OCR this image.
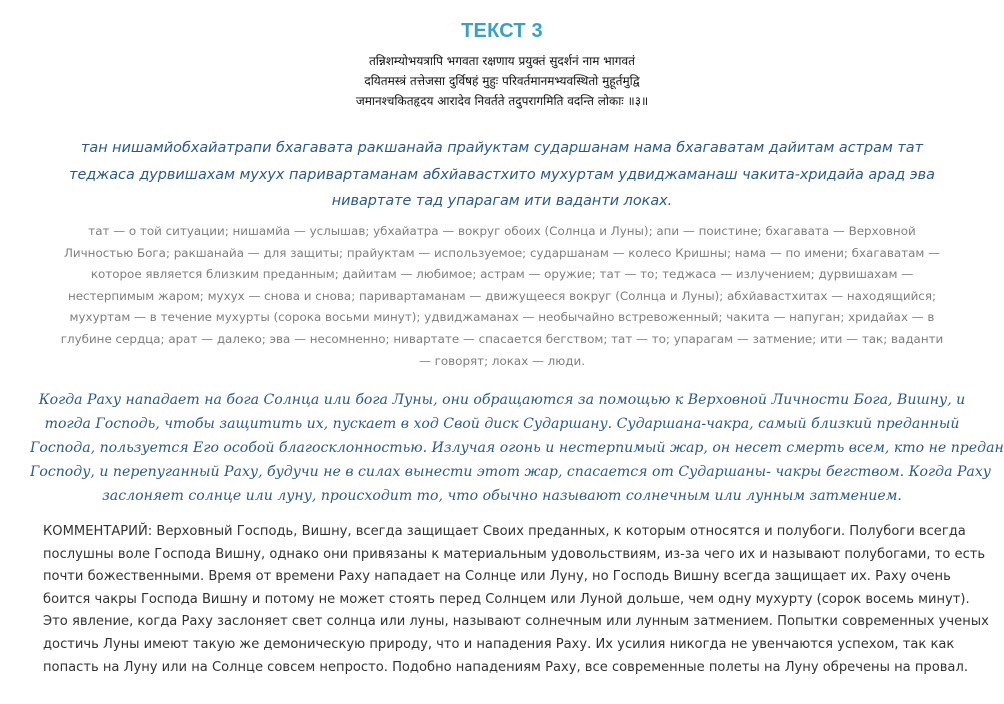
ТЕКСТ 3
तन्निशम्योभयत्रापि भगवता रक्षणाय प्रयुक्तं सुदर्शनं नाम भागवतं
दयितमस्त्रं तत्तेजसा दुर्विषहं मुहुः परिवर्तमानमभ्यवस्थितो मुहूर्तमुद्वि
जमानश्चकितहृदय आरादेव निवर्तते तदुपरागमिति वदन्ति लोकाः ॥३॥
тан нишамйобхайатрапи бхагавата ракшанайа прайуктам сударшанам нама бхагаватам дайитам астрам тат
теджаса дурвишахам мухух паривартаманам абхйавастхито мухуртам удвиджаманаш чакита-хридайа арад эва
нивартате тад упарагам ити ваданти локах.
тат — о той ситуации; нишамйа — услышав; убхайатра — вокруг обоих (Солнца и Луны); апи — поистине; бхагавата — Верховной
Личностью Бога; ракшанайа — для защиты; прайуктам — используемое; сударшанам — колесо Кришны; нама — по имени; бхагаватам —
которое является близким преданным; дайитам — любимое; астрам — оружие; тат — то; теджаса — излучением; дурвишахам —
нестерпимым жаром; мухух — снова и снова; паривартаманам — движущееся вокруг (Солнца и Луны); абхйавастхитах — находящийся;
мухуртам — в течение мухурты (сорока восьми минут); удвиджаманах — необычайно встревоженный; чакита — напуган; хридайах — в
глубине сердца; арат — далеко; эва — несомненно; нивартате — спасается бегством; тат — то; упарагам — затмение; ити — так; ваданти
— говорят; локах — люди.
Когда Раху нападает на бога Солнца или бога Луны, они обращаются за помощью к Верховной Личности Бога, Вишну, и
тогда Господь, чтобы защитить их, пускает в ход Свой диск Сударшану. Сударшана-чакра, самый близкий преданный
Господа, пользуется Его особой благосклонностью. Излучая огонь и нестерпимый жар, он несет смерть всем, кто не предан
Господу, и перепуганный Раху, будучи не в силах вынести этот жар, спасается от Сударшаны- чакры бегством. Когда Раху
заслоняет солнце или луну, происходит то, что обычно называют солнечным или лунным затмением.
КОММЕНТАРИЙ: Верховный Господь, Вишну, всегда защищает Своих преданных, к которым относятся и полубоги. Полубоги всегда
послушны воле Господа Вишну, однако они привязаны к материальным удовольствиям, из-за чего их и называют полубогами, то есть
почти божественными. Время от времени Раху нападает на Солнце или Луну, но Господь Вишну всегда защищает их. Раху очень
боится чакры Господа Вишну и потому не может стоять перед Солнцем или Луной дольше, чем одну мухурту (сорок восемь минут).
Это явление, когда Раху заслоняет свет солнца или луны, называют солнечным или лунным затмением. Попытки современных ученых
достичь Луны имеют такую же демоническую природу, что и нападения Раху. Их усилия никогда не увенчаются успехом, так как
попасть на Луну или на Солнце совсем непросто. Подобно нападениям Раху, все современные полеты на Луну обречены на провал.
